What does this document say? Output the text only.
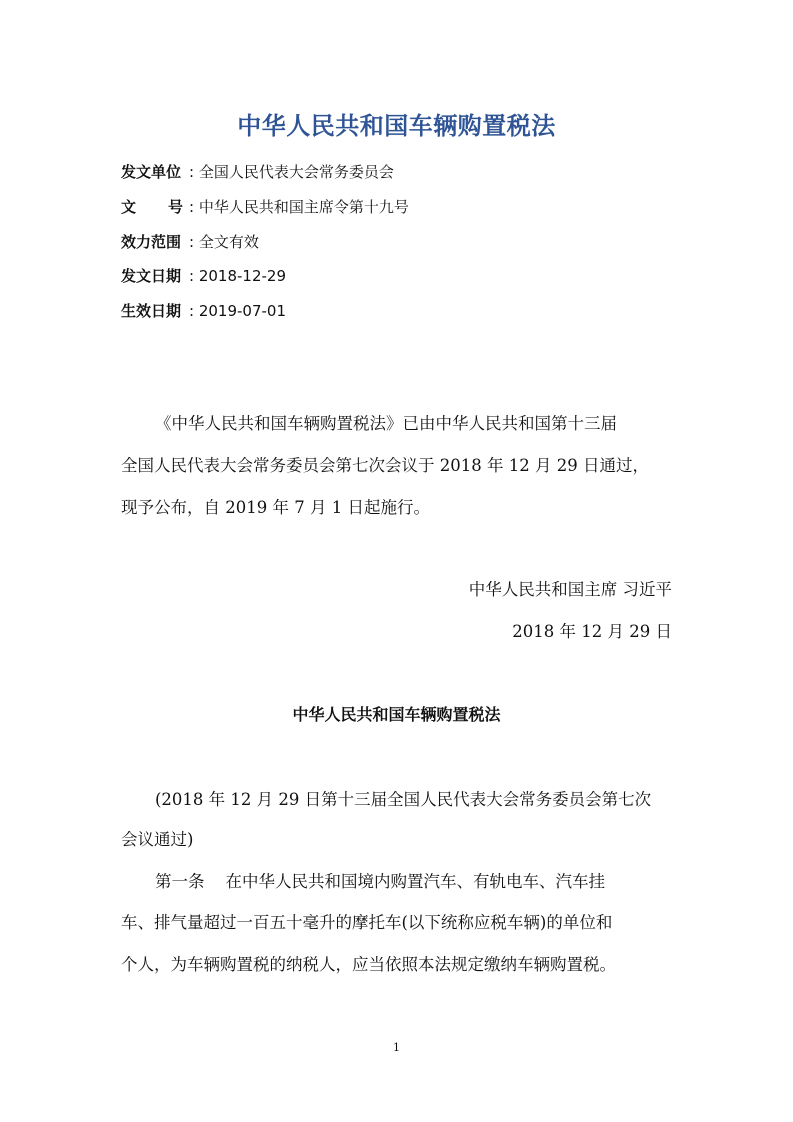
中华人民共和国车辆购置税法
发文单位 : 全国人民代表大会常务委员会
文 号 : 中华人民共和国主席令第十九号
效力范围 : 全文有效
发文日期 : 2018-12-29
生效日期 : 2019-07-01
《中华人民共和国车辆购置税法》已由中华人民共和国第十三届
全国人民代表大会常务委员会第七次会议于 2018 年 12 月 29 日通过，
现予公布，自 2019 年 7 月 1 日起施行。
中华人民共和国主席 习近平
2018 年 12 月 29 日
中华人民共和国车辆购置税法
(2018 年 12 月 29 日第十三届全国人民代表大会常务委员会第七次
会议通过)
第一条    在中华人民共和国境内购置汽车、有轨电车、汽车挂
车、排气量超过一百五十毫升的摩托车(以下统称应税车辆)的单位和
个人，为车辆购置税的纳税人，应当依照本法规定缴纳车辆购置税。
1
